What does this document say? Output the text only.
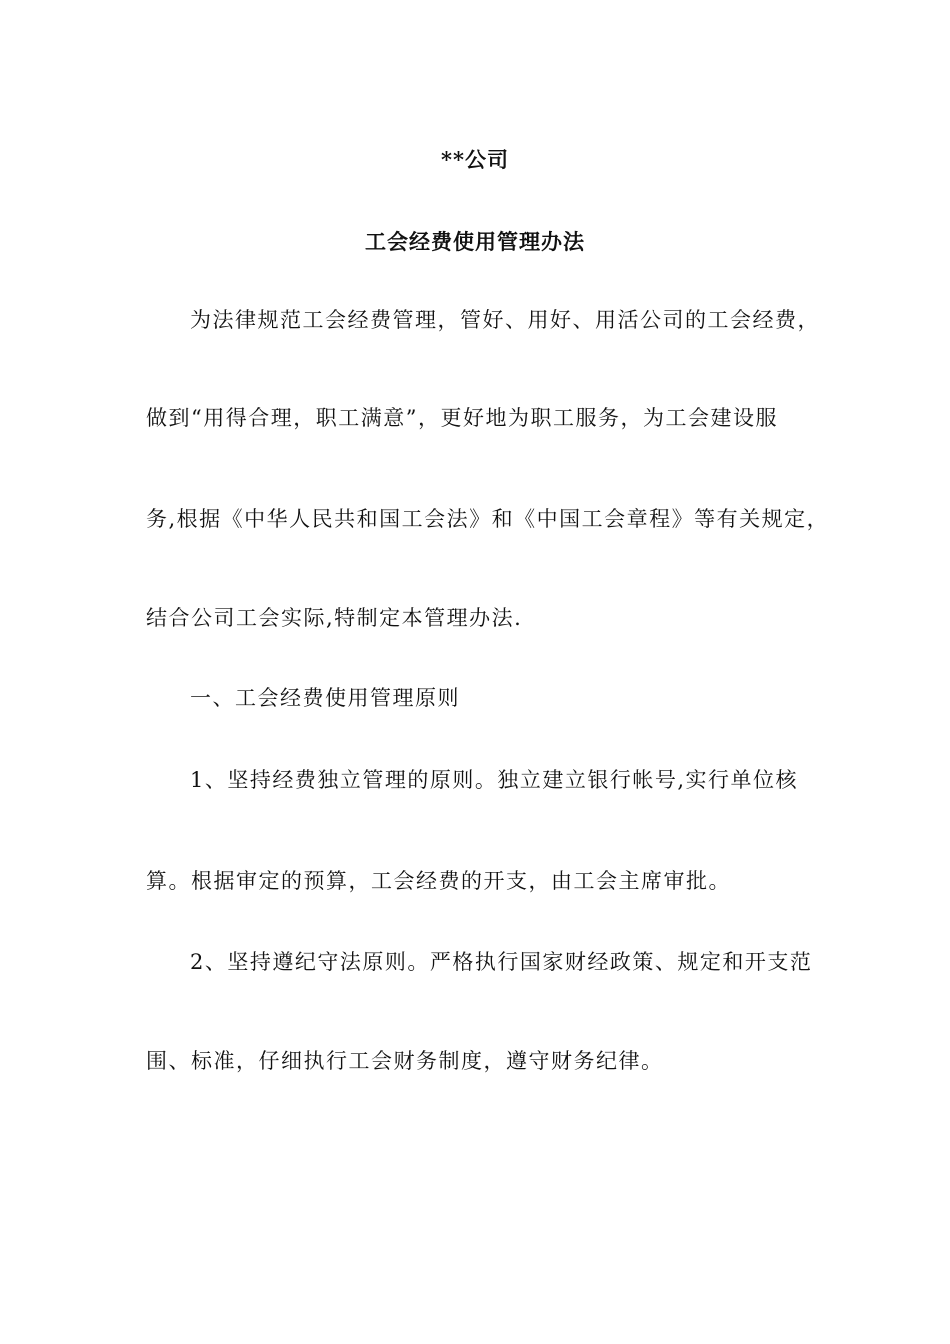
**公司
工会经费使用管理办法
为法律规范工会经费管理，管好、用好、用活公司的工会经费，
做到“用得合理，职工满意”，更好地为职工服务，为工会建设服
务,根据《中华人民共和国工会法》和《中国工会章程》等有关规定，
结合公司工会实际,特制定本管理办法.
一、工会经费使用管理原则
1、坚持经费独立管理的原则。独立建立银行帐号,实行单位核
算。根据审定的预算，工会经费的开支，由工会主席审批。
2、坚持遵纪守法原则。严格执行国家财经政策、规定和开支范
围、标准，仔细执行工会财务制度，遵守财务纪律。
